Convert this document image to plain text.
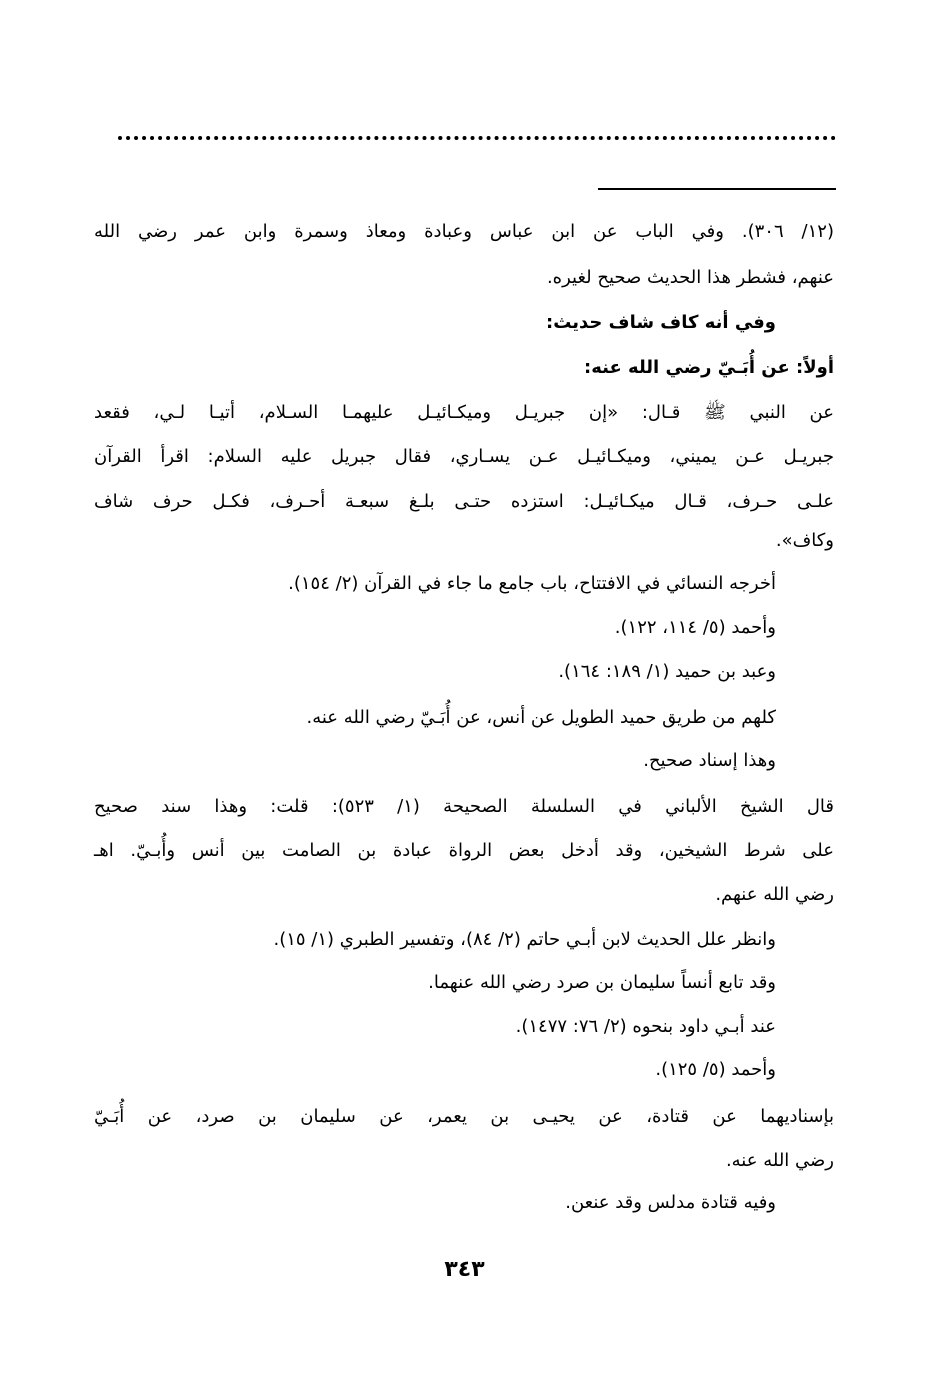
(١٢/ ٣٠٦). وفي الباب عن ابن عباس وعبادة ومعاذ وسمرة وابن عمر رضي الله
عنهم، فشطر هذا الحديث صحيح لغيره.
وفي أنه كاف شاف حديث:
أولاً: عن أُبَـيّ رضي الله عنه:
عن النبي ﷺ قـال: «إن جبريـل وميكـائيـل عليهمـا السـلام، أتيـا لـي، فقعد
جبريـل عـن يميني، وميكـائيـل عـن يسـاري، فقال جبريل عليه السلام: اقرأ القرآن
علـى حـرف، قـال ميكـائيـل: استزده حتـى بلـغ سبعـة أحـرف، فكـل حرف شاف
وكاف».
أخرجه النسائي في الافتتاح، باب جامع ما جاء في القرآن (٢/ ١٥٤).
وأحمد (٥/ ١١٤، ١٢٢).
وعبد بن حميد (١/ ١٨٩: ١٦٤).
كلهم من طريق حميد الطويل عن أنس، عن أُبَـيّ رضي الله عنه.
وهذا إسناد صحيح.
قال الشيخ الألباني في السلسلة الصحيحة (١/ ٥٢٣): قلت: وهذا سند صحيح
على شرط الشيخين، وقد أدخل بعض الرواة عبادة بن الصامت بين أنس وأُبـيّ. اهـ
رضي الله عنهم.
وانظر علل الحديث لابن أبـي حاتم (٢/ ٨٤)، وتفسير الطبري (١/ ١٥).
وقد تابع أنساً سليمان بن صرد رضي الله عنهما.
عند أبـي داود بنحوه (٢/ ٧٦: ١٤٧٧).
وأحمد (٥/ ١٢٥).
بإسناديهما عن قتادة، عن يحيـى بن يعمر، عن سليمان بن صرد، عن أُبَـيّ
رضي الله عنه.
وفيه قتادة مدلس وقد عنعن.
٣٤٣
